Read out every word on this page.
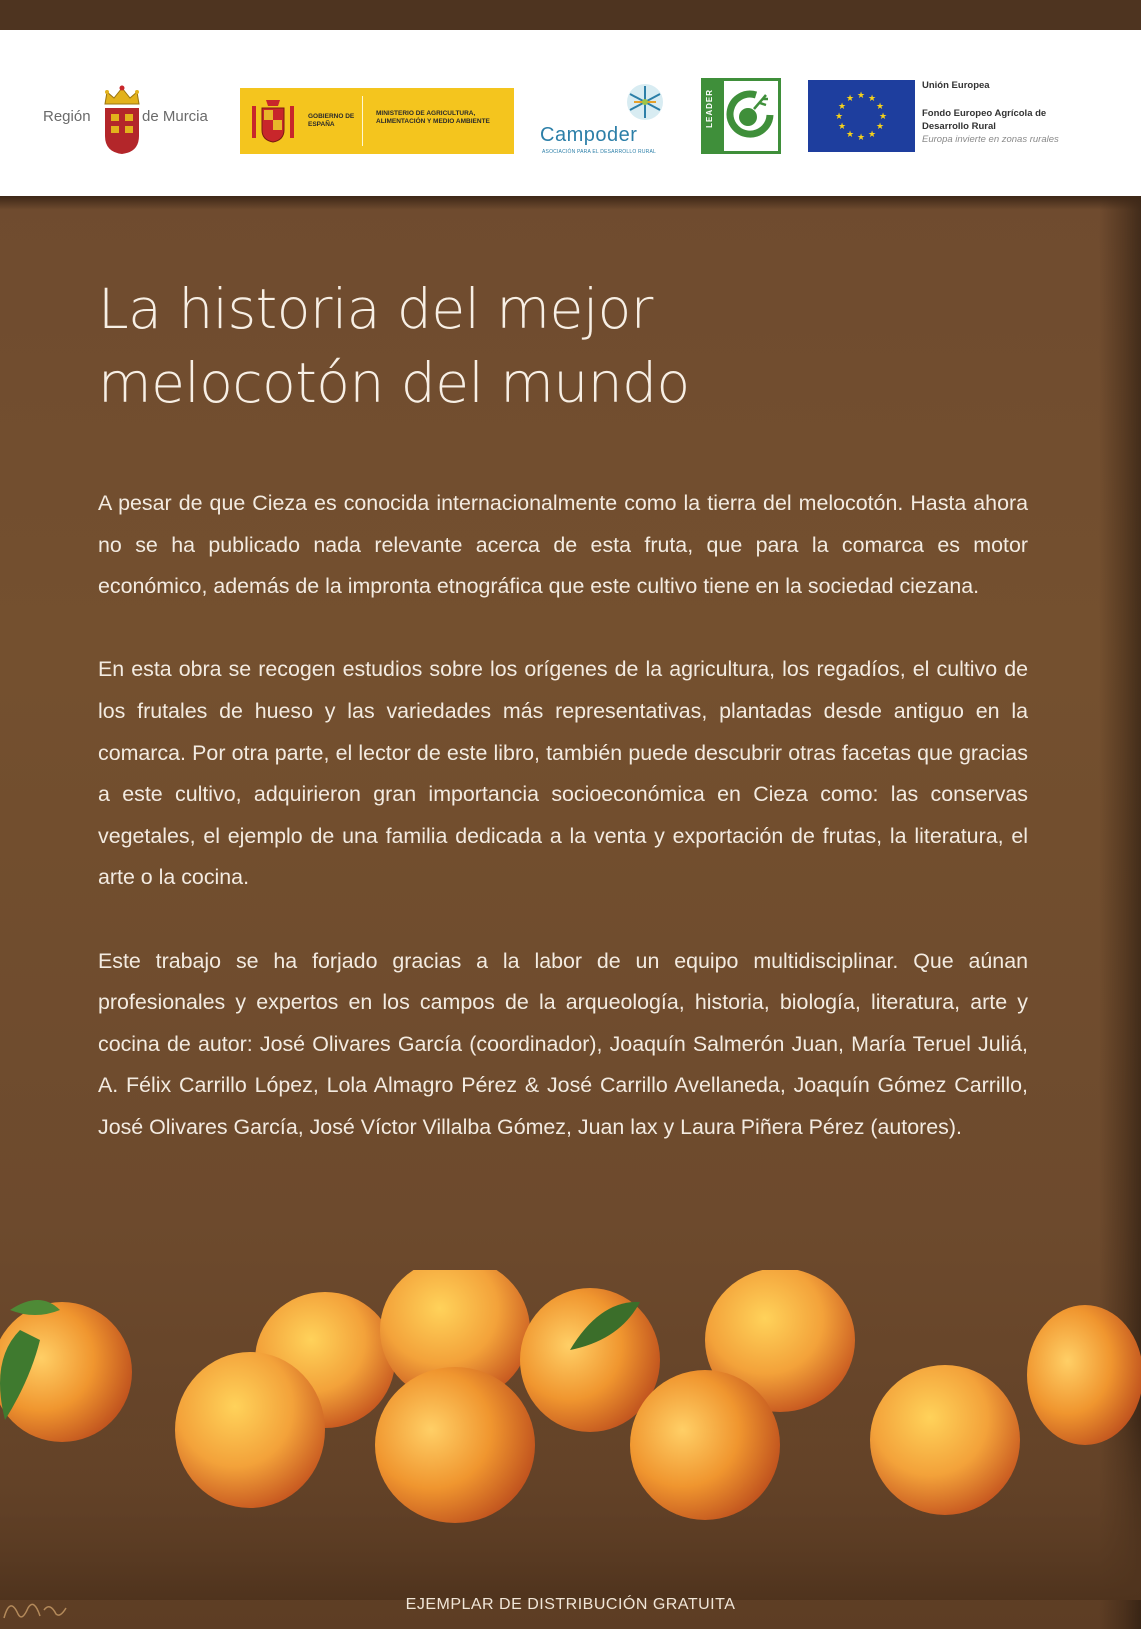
Región	de Murcia	GOBIERNO DE ESPAÑA
MINISTERIO DE AGRICULTURA, ALIMENTACIÓN Y MEDIO AMBIENTE
Campoder
ASOCIACIÓN PARA EL DESARROLLO RURAL
LEADER	★ ★
★
★
★
★
★
★
★
★
★
★
Unión Europea
Fondo Europeo Agrícola de Desarrollo Rural
Europa invierte en zonas rurales
La historia del mejor
melocotón del mundo

A pesar de que Cieza es conocida internacionalmente como la tierra del melocotón. Hasta ahora no se ha publicado nada relevante acerca de esta fruta, que para la comarca es motor económico, además de la impronta etnográfica que este cultivo tiene en la sociedad ciezana.

En esta obra se recogen estudios sobre los orígenes de la agricultura, los regadíos, el cultivo de los frutales de hueso y las variedades más representativas, plantadas desde antiguo en la comarca. Por otra parte, el lector de este libro, también puede descubrir otras facetas que gracias a este cultivo, adquirieron gran importancia socioeconómica en Cieza como: las conservas vegetales, el ejemplo de una familia dedicada a la venta y exportación de frutas, la literatura, el arte o la cocina.

Este trabajo se ha forjado gracias a la labor de un equipo multidisciplinar. Que aúnan profesionales y expertos en los campos de la arqueología, historia, biología, literatura, arte y cocina de autor: José Olivares García (coordinador), Joaquín Salmerón Juan, María Teruel Juliá, A. Félix Carrillo López, Lola Almagro Pérez & José Carrillo Avellaneda, Joaquín Gómez Carrillo, José Olivares García, José Víctor Villalba Gómez, Juan lax y Laura Piñera Pérez (autores).

EJEMPLAR DE DISTRIBUCIÓN GRATUITA
